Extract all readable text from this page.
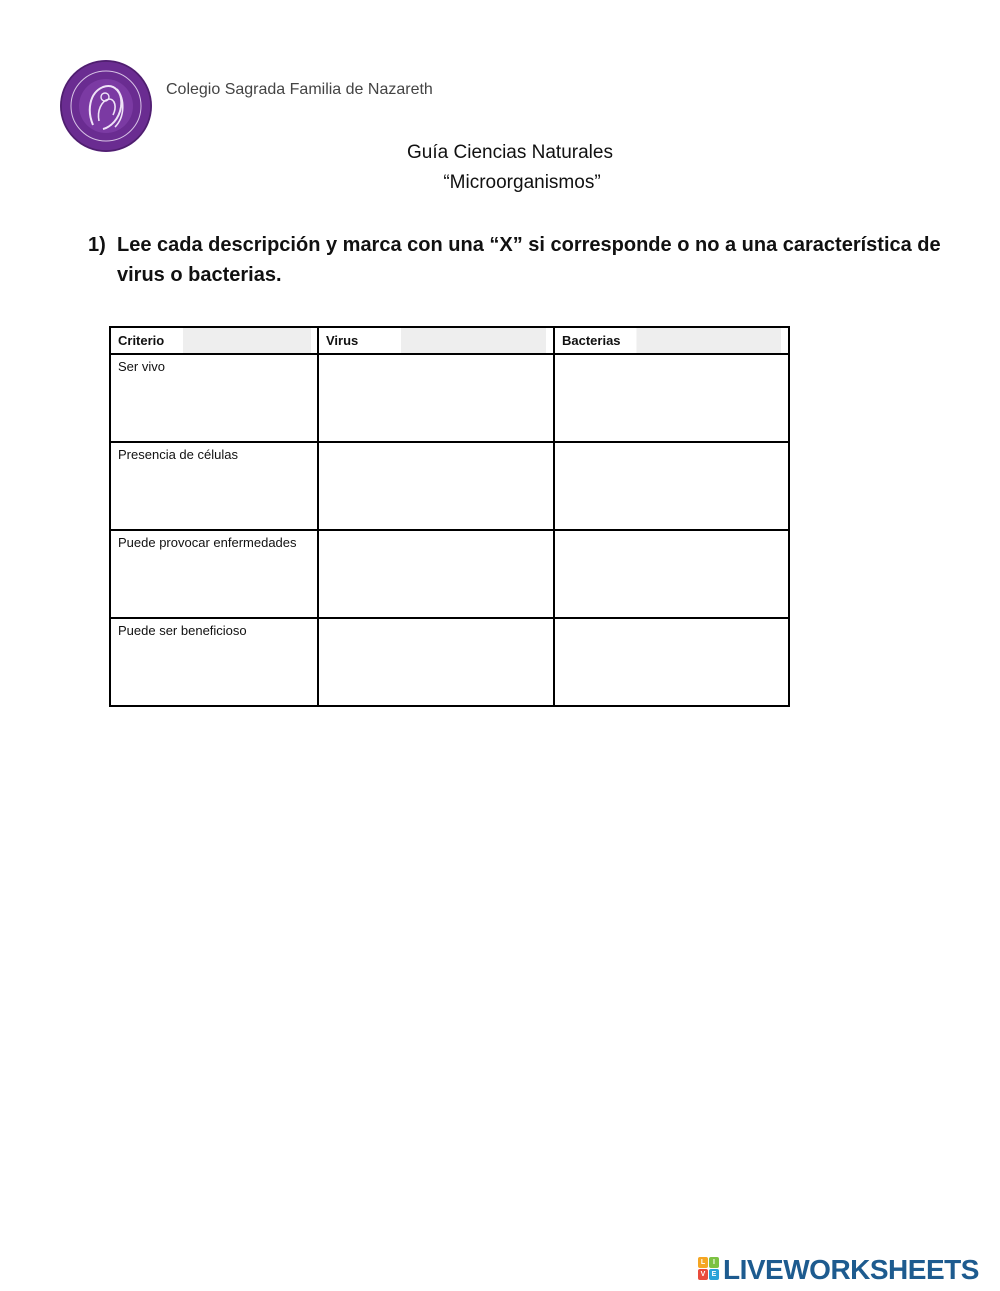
Colegio Sagrada Familia de Nazareth
Guía Ciencias Naturales
“Microorganismos”
1) Lee cada descripción y marca con una “X” si corresponde o no a una característica de virus o bacterias.
Criterio	Virus	Bacterias
Ser vivo		
Presencia de células		
Puede provocar enfermedades		
Puede ser beneficioso		
L	I
V E LIVEWORKSHEETS
